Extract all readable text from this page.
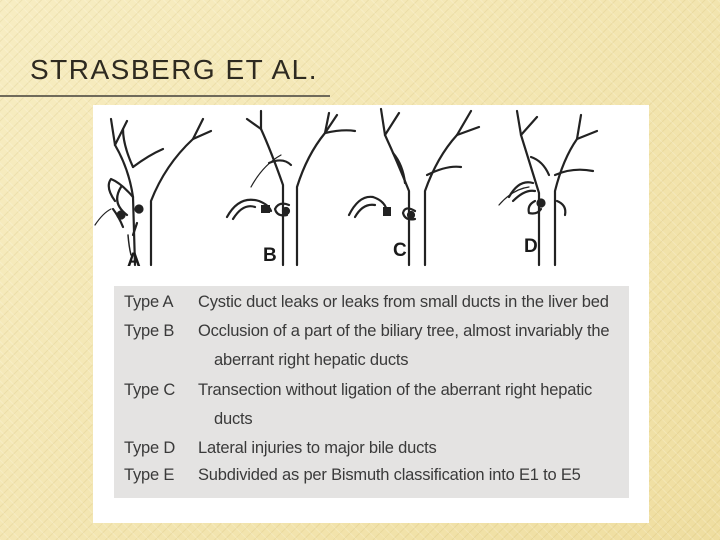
STRASBERG ET AL.
A	B	C	D
Type A Cystic duct leaks or leaks from small ducts in the liver bed
Type B Occlusion of a part of the biliary tree, almost invariably the
aberrant right hepatic ducts
Type C Transection without ligation of the aberrant right hepatic
ducts
Type D Lateral injuries to major bile ducts
Type E Subdivided as per Bismuth classification into E1 to E5
